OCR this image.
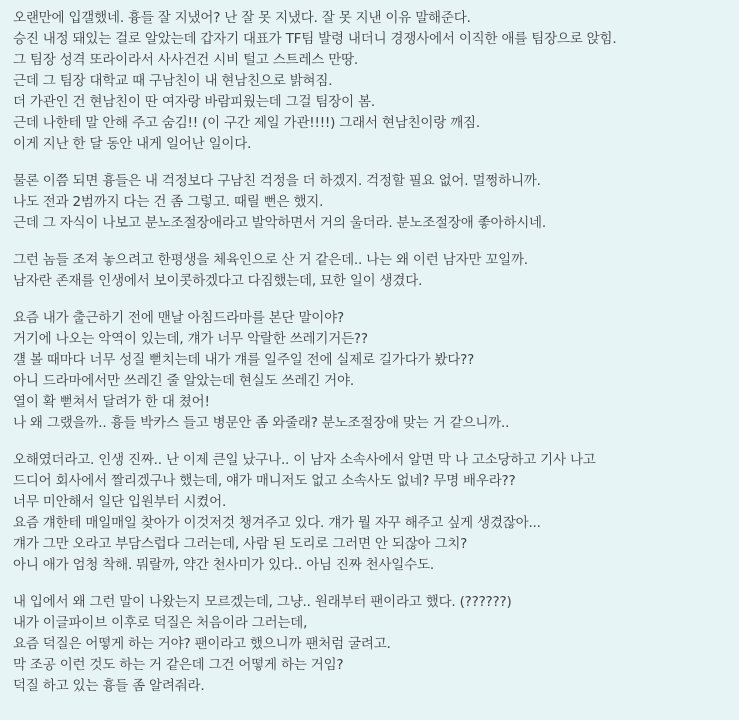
오랜만에 입갤했네. 흉들 잘 지냈어? 난 잘 못 지냈다. 잘 못 지낸 이유 말해준다.
승진 내정 돼있는 걸로 알았는데 갑자기 대표가 TF팀 발령 내더니 경쟁사에서 이직한 애를 팀장으로 앉힘.
그 팀장 성격 또라이라서 사사건건 시비 털고 스트레스 만땅.
근데 그 팀장 대학교 때 구남친이 내 현남친으로 밝혀짐.
더 가관인 건 현남친이 딴 여자랑 바람피웠는데 그걸 팀장이 봄.
근데 나한테 말 안해 주고 숨김!! (이 구간 제일 가관!!!!) 그래서 현남친이랑 깨짐.
이게 지난 한 달 동안 내게 일어난 일이다.
물론 이쯤 되면 흉들은 내 걱정보다 구남친 걱정을 더 하겠지. 걱정할 필요 없어. 멀쩡하니까.
나도 전과 2범까지 다는 건 좀 그렇고. 때릴 뻔은 했지.
근데 그 자식이 나보고 분노조절장애라고 발악하면서 거의 울더라. 분노조절장애 좋아하시네.
그런 놈들 조져 놓으려고 한평생을 체육인으로 산 거 같은데.. 나는 왜 이런 남자만 꼬일까.
남자란 존재를 인생에서 보이콧하겠다고 다짐했는데, 묘한 일이 생겼다.
요즘 내가 출근하기 전에 맨날 아침드라마를 본단 말이야?
거기에 나오는 악역이 있는데, 걔가 너무 악랄한 쓰레기거든??
걜 볼 때마다 너무 성질 뻗치는데 내가 걔를 일주일 전에 실제로 길가다가 봤다??
아니 드라마에서만 쓰레긴 줄 알았는데 현실도 쓰레긴 거야.
열이 확 뻗쳐서 달려가 한 대 쳤어!
나 왜 그랬을까.. 흉들 박카스 들고 병문안 좀 와줄래? 분노조절장애 맞는 거 같으니까..
오해였더라고. 인생 진짜.. 난 이제 큰일 났구나.. 이 남자 소속사에서 알면 막 나 고소당하고 기사 나고
드디어 회사에서 짤리겠구나 했는데, 얘가 매니저도 없고 소속사도 없네? 무명 배우라??
너무 미안해서 일단 입원부터 시켰어.
요즘 걔한테 매일매일 찾아가 이것저것 챙겨주고 있다. 걔가 뭘 자꾸 해주고 싶게 생겼잖아...
걔가 그만 오라고 부담스럽다 그러는데, 사람 된 도리로 그러면 안 되잖아 그치?
아니 애가 엄청 착해. 뭐랄까, 약간 천사미가 있다.. 아님 진짜 천사일수도.
내 입에서 왜 그런 말이 나왔는지 모르겠는데, 그냥.. 원래부터 팬이라고 했다. (??????)
내가 이글파이브 이후로 덕질은 처음이라 그러는데,
요즘 덕질은 어떻게 하는 거야? 팬이라고 했으니까 팬처럼 굴려고.
막 조공 이런 것도 하는 거 같은데 그건 어떻게 하는 거임?
덕질 하고 있는 흉들 좀 알려줘라.
